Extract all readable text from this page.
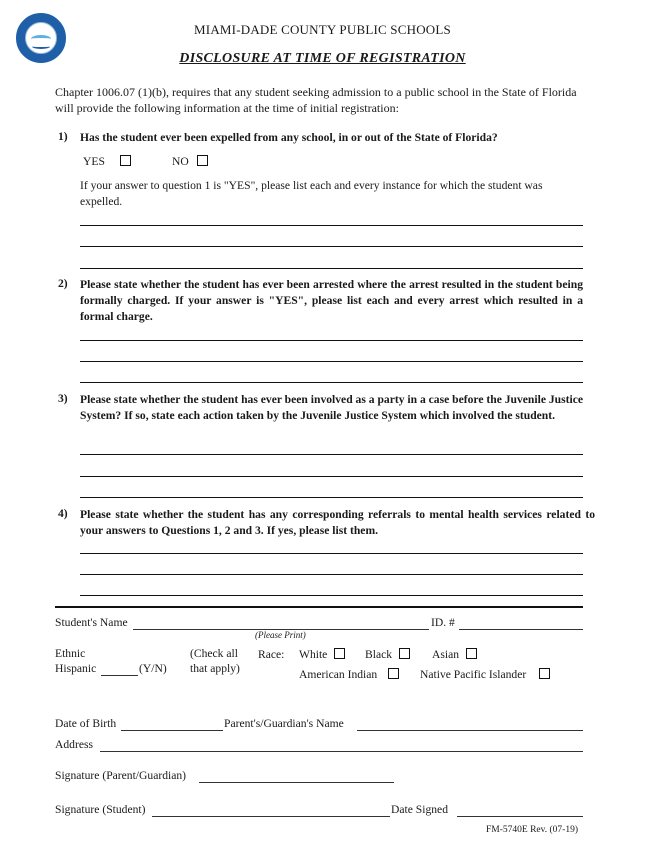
MIAMI-DADE COUNTY PUBLIC SCHOOLS
DISCLOSURE AT TIME OF REGISTRATION
Chapter 1006.07 (1)(b), requires that any student seeking admission to a public school in the State of Florida will provide the following information at the time of initial registration:
1) Has the student ever been expelled from any school, in or out of the State of Florida?
YES	NO
If your answer to question 1 is "YES", please list each and every instance for which the student was expelled.
2) Please state whether the student has ever been arrested where the arrest resulted in the student being formally charged. If your answer is "YES", please list each and every arrest which resulted in a formal charge.
3) Please state whether the student has ever been involved as a party in a case before the Juvenile Justice System? If so, state each action taken by the Juvenile Justice System which involved the student.
4) Please state whether the student has any corresponding referrals to mental health services related to your answers to Questions 1, 2 and 3. If yes, please list them.
Student's Name
(Please Print)
ID. #
Ethnic
Hispanic	(Y/N)
(Check all
that apply)
Race: White	Black	Asian
American Indian	Native Pacific Islander
Date of Birth	Parent's/Guardian's Name
Address
Signature (Parent/Guardian)
Signature (Student)	Date Signed
FM-5740E Rev. (07-19)
